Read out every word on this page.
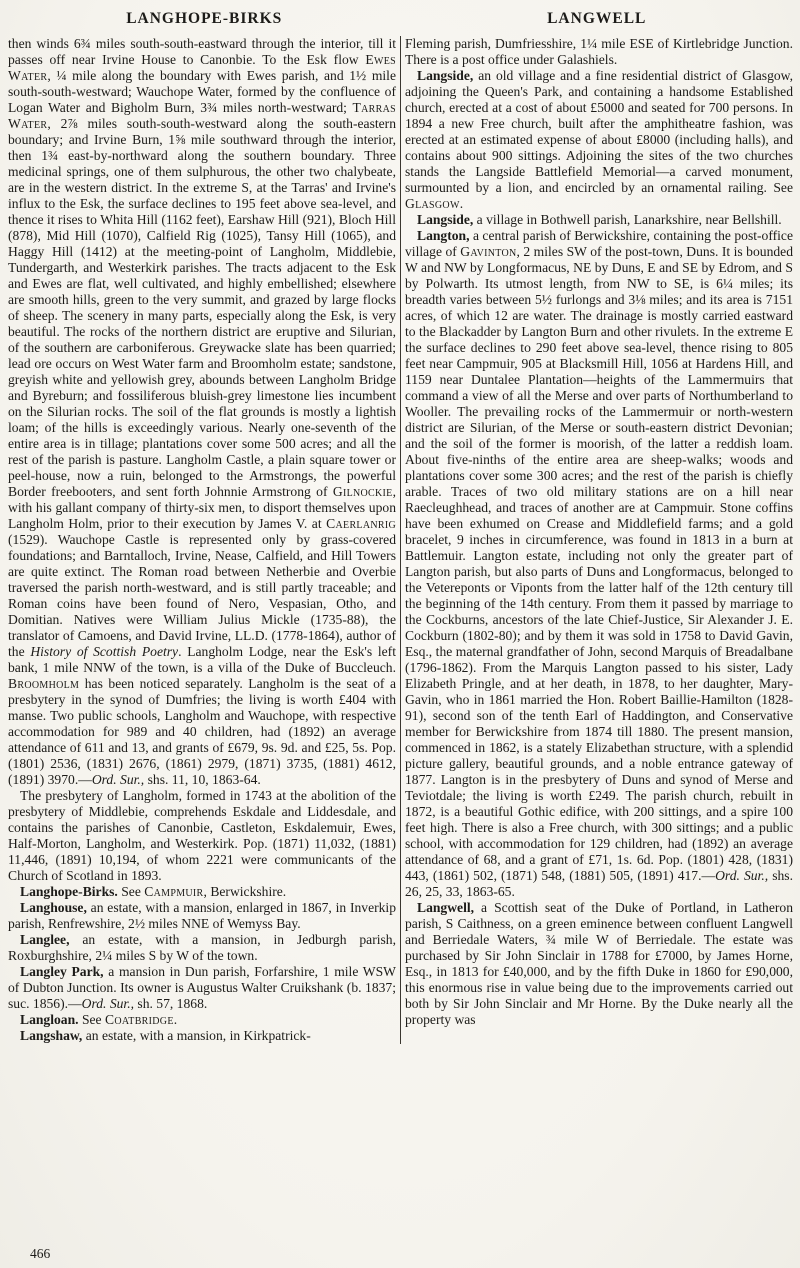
LANGHOPE-BIRKS	LANGWELL

then winds 6¾ miles south-south-eastward through the interior, till it passes off near Irvine House to Canonbie. To the Esk flow Ewes Water, ¼ mile along the boundary with Ewes parish, and 1½ mile south-south-westward; Wauchope Water, formed by the confluence of Logan Water and Bigholm Burn, 3¾ miles north-westward; Tarras Water, 2⅞ miles south-south-westward along the south-eastern boundary; and Irvine Burn, 1⅝ mile southward through the interior, then 1¾ east-by-northward along the southern boundary. Three medicinal springs, one of them sulphurous, the other two chalybeate, are in the western district. In the extreme S, at the Tarras' and Irvine's influx to the Esk, the surface declines to 195 feet above sea-level, and thence it rises to Whita Hill (1162 feet), Earshaw Hill (921), Bloch Hill (878), Mid Hill (1070), Calfield Rig (1025), Tansy Hill (1065), and Haggy Hill (1412) at the meeting-point of Langholm, Middlebie, Tundergarth, and Westerkirk parishes. The tracts adjacent to the Esk and Ewes are flat, well cultivated, and highly embellished; elsewhere are smooth hills, green to the very summit, and grazed by large flocks of sheep. The scenery in many parts, especially along the Esk, is very beautiful. The rocks of the northern district are eruptive and Silurian, of the southern are carboniferous. Greywacke slate has been quarried; lead ore occurs on West Water farm and Broomholm estate; sandstone, greyish white and yellowish grey, abounds between Langholm Bridge and Byreburn; and fossiliferous bluish-grey limestone lies incumbent on the Silurian rocks. The soil of the flat grounds is mostly a lightish loam; of the hills is exceedingly various. Nearly one-seventh of the entire area is in tillage; plantations cover some 500 acres; and all the rest of the parish is pasture. Langholm Castle, a plain square tower or peel-house, now a ruin, belonged to the Armstrongs, the powerful Border freebooters, and sent forth Johnnie Armstrong of Gilnockie, with his gallant company of thirty-six men, to disport themselves upon Langholm Holm, prior to their execution by James V. at Caerlanrig (1529). Wauchope Castle is represented only by grass-covered foundations; and Barntalloch, Irvine, Nease, Calfield, and Hill Towers are quite extinct. The Roman road between Netherbie and Overbie traversed the parish north-westward, and is still partly traceable; and Roman coins have been found of Nero, Vespasian, Otho, and Domitian. Natives were William Julius Mickle (1735-88), the translator of Camoens, and David Irvine, LL.D. (1778-1864), author of the History of Scottish Poetry. Langholm Lodge, near the Esk's left bank, 1 mile NNW of the town, is a villa of the Duke of Buccleuch. Broomholm has been noticed separately. Langholm is the seat of a presbytery in the synod of Dumfries; the living is worth £404 with manse. Two public schools, Langholm and Wauchope, with respective accommodation for 989 and 40 children, had (1892) an average attendance of 611 and 13, and grants of £679, 9s. 9d. and £25, 5s. Pop. (1801) 2536, (1831) 2676, (1861) 2979, (1871) 3735, (1881) 4612, (1891) 3970.—Ord. Sur., shs. 11, 10, 1863-64.

The presbytery of Langholm, formed in 1743 at the abolition of the presbytery of Middlebie, comprehends Eskdale and Liddesdale, and contains the parishes of Canonbie, Castleton, Eskdalemuir, Ewes, Half-Morton, Langholm, and Westerkirk. Pop. (1871) 11,032, (1881) 11,446, (1891) 10,194, of whom 2221 were communicants of the Church of Scotland in 1893.

Langhope-Birks. See Campmuir, Berwickshire.

Langhouse, an estate, with a mansion, enlarged in 1867, in Inverkip parish, Renfrewshire, 2½ miles NNE of Wemyss Bay.

Langlee, an estate, with a mansion, in Jedburgh parish, Roxburghshire, 2¼ miles S by W of the town.

Langley Park, a mansion in Dun parish, Forfarshire, 1 mile WSW of Dubton Junction. Its owner is Augustus Walter Cruikshank (b. 1837; suc. 1856).—Ord. Sur., sh. 57, 1868.

Langloan. See Coatbridge.

Langshaw, an estate, with a mansion, in Kirkpatrick-

Fleming parish, Dumfriesshire, 1¼ mile ESE of Kirtlebridge Junction. There is a post office under Galashiels.

Langside, an old village and a fine residential district of Glasgow, adjoining the Queen's Park, and containing a handsome Established church, erected at a cost of about £5000 and seated for 700 persons. In 1894 a new Free church, built after the amphitheatre fashion, was erected at an estimated expense of about £8000 (including halls), and contains about 900 sittings. Adjoining the sites of the two churches stands the Langside Battlefield Memorial—a carved monument, surmounted by a lion, and encircled by an ornamental railing. See Glasgow.

Langside, a village in Bothwell parish, Lanarkshire, near Bellshill.

Langton, a central parish of Berwickshire, containing the post-office village of Gavinton, 2 miles SW of the post-town, Duns. It is bounded W and NW by Longformacus, NE by Duns, E and SE by Edrom, and S by Polwarth. Its utmost length, from NW to SE, is 6¼ miles; its breadth varies between 5½ furlongs and 3⅛ miles; and its area is 7151 acres, of which 12 are water. The drainage is mostly carried eastward to the Blackadder by Langton Burn and other rivulets. In the extreme E the surface declines to 290 feet above sea-level, thence rising to 805 feet near Campmuir, 905 at Blacksmill Hill, 1056 at Hardens Hill, and 1159 near Duntalee Plantation—heights of the Lammermuirs that command a view of all the Merse and over parts of Northumberland to Wooller. The prevailing rocks of the Lammermuir or north-western district are Silurian, of the Merse or south-eastern district Devonian; and the soil of the former is moorish, of the latter a reddish loam. About five-ninths of the entire area are sheep-walks; woods and plantations cover some 300 acres; and the rest of the parish is chiefly arable. Traces of two old military stations are on a hill near Raecleughhead, and traces of another are at Campmuir. Stone coffins have been exhumed on Crease and Middlefield farms; and a gold bracelet, 9 inches in circumference, was found in 1813 in a burn at Battlemuir. Langton estate, including not only the greater part of Langton parish, but also parts of Duns and Longformacus, belonged to the Vetereponts or Viponts from the latter half of the 12th century till the beginning of the 14th century. From them it passed by marriage to the Cockburns, ancestors of the late Chief-Justice, Sir Alexander J. E. Cockburn (1802-80); and by them it was sold in 1758 to David Gavin, Esq., the maternal grandfather of John, second Marquis of Breadalbane (1796-1862). From the Marquis Langton passed to his sister, Lady Elizabeth Pringle, and at her death, in 1878, to her daughter, Mary-Gavin, who in 1861 married the Hon. Robert Baillie-Hamilton (1828-91), second son of the tenth Earl of Haddington, and Conservative member for Berwickshire from 1874 till 1880. The present mansion, commenced in 1862, is a stately Elizabethan structure, with a splendid picture gallery, beautiful grounds, and a noble entrance gateway of 1877. Langton is in the presbytery of Duns and synod of Merse and Teviotdale; the living is worth £249. The parish church, rebuilt in 1872, is a beautiful Gothic edifice, with 200 sittings, and a spire 100 feet high. There is also a Free church, with 300 sittings; and a public school, with accommodation for 129 children, had (1892) an average attendance of 68, and a grant of £71, 1s. 6d. Pop. (1801) 428, (1831) 443, (1861) 502, (1871) 548, (1881) 505, (1891) 417.—Ord. Sur., shs. 26, 25, 33, 1863-65.

Langwell, a Scottish seat of the Duke of Portland, in Latheron parish, S Caithness, on a green eminence between confluent Langwell and Berriedale Waters, ¾ mile W of Berriedale. The estate was purchased by Sir John Sinclair in 1788 for £7000, by James Horne, Esq., in 1813 for £40,000, and by the fifth Duke in 1860 for £90,000, this enormous rise in value being due to the improvements carried out both by Sir John Sinclair and Mr Horne. By the Duke nearly all the property was

466
